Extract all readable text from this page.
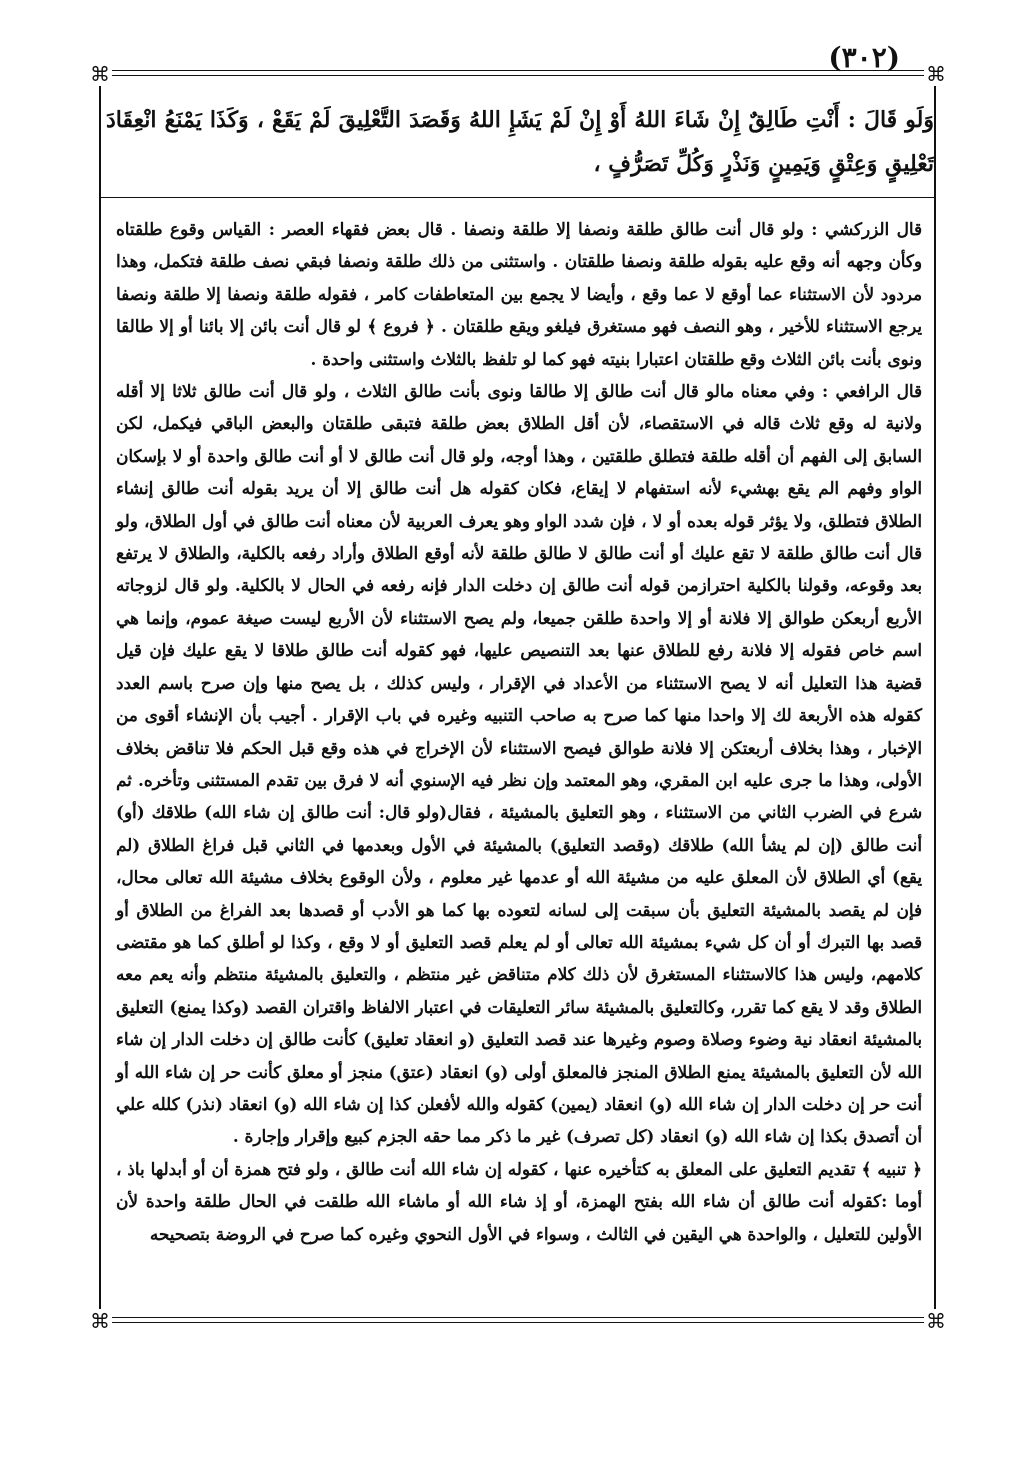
(٣٠٢)
⌘	⌘
⌘	⌘
وَلَو قَالَ : أَنْتِ طَالِقٌ إِنْ شَاءَ اللهُ أَوْ إِنْ لَمْ يَشَإِ اللهُ وَقَصَدَ التَّعْلِيقَ لَمْ يَقَعْ ، وَكَذَا يَمْنَعُ انْعِقَادَ تَعْلِيقٍ وَعِتْقٍ وَيَمِينٍ وَنَذْرٍ وَكُلِّ تَصَرُّفٍ ،

قال الزركشي : ولو قال أنت طالق طلقة ونصفا إلا طلقة ونصفا . قال بعض فقهاء العصر : القياس وقوع طلقتاه وكأن وجهه أنه وقع عليه بقوله طلقة ونصفا طلقتان . واستثنى من ذلك طلقة ونصفا فبقي نصف طلقة فتكمل، وهذا مردود لأن الاستثناء عما أوقع لا عما وقع ، وأيضا لا يجمع بين المتعاطفات كامر ، فقوله طلقة ونصفا إلا طلقة ونصفا يرجع الاستثناء للأخير ، وهو النصف فهو مستغرق فيلغو ويقع طلقتان . ﴿ فروع ﴾ لو قال أنت بائن إلا بائنا أو إلا طالقا ونوى بأنت بائن الثلاث وقع طلقتان اعتبارا بنيته فهو كما لو تلفظ بالثلاث واستثنى واحدة .

قال الرافعي : وفي معناه مالو قال أنت طالق إلا طالقا ونوى بأنت طالق الثلاث ، ولو قال أنت طالق ثلاثا إلا أقله ولانية له وقع ثلاث قاله في الاستقصاء، لأن أقل الطلاق بعض طلقة فتبقى طلقتان والبعض الباقي فيكمل، لكن السابق إلى الفهم أن أقله طلقة فتطلق طلقتين ، وهذا أوجه، ولو قال أنت طالق لا أو أنت طالق واحدة أو لا بإسكان الواو وفهم الم يقع بهشيء لأنه استفهام لا إيقاع، فكان كقوله هل أنت طالق إلا أن يريد بقوله أنت طالق إنشاء الطلاق فتطلق، ولا يؤثر قوله بعده أو لا ، فإن شدد الواو وهو يعرف العربية لأن معناه أنت طالق في أول الطلاق، ولو قال أنت طالق طلقة لا تقع عليك أو أنت طالق لا طالق طلقة لأنه أوقع الطلاق وأراد رفعه بالكلية، والطلاق لا يرتفع بعد وقوعه، وقولنا بالكلية احترازمن قوله أنت طالق إن دخلت الدار فإنه رفعه في الحال لا بالكلية. ولو قال لزوجاته الأربع أربعكن طوالق إلا فلانة أو إلا واحدة طلقن جميعا، ولم يصح الاستثناء لأن الأربع ليست صيغة عموم، وإنما هي اسم خاص فقوله إلا فلانة رفع للطلاق عنها بعد التنصيص عليها، فهو كقوله أنت طالق طلاقا لا يقع عليك فإن قيل قضية هذا التعليل أنه لا يصح الاستثناء من الأعداد في الإقرار ، وليس كذلك ، بل يصح منها وإن صرح باسم العدد كقوله هذه الأربعة لك إلا واحدا منها كما صرح به صاحب التنبيه وغيره في باب الإقرار . أجيب بأن الإنشاء أقوى من الإخبار ، وهذا بخلاف أربعتكن إلا فلانة طوالق فيصح الاستثناء لأن الإخراج في هذه وقع قبل الحكم فلا تناقض بخلاف الأولى، وهذا ما جرى عليه ابن المقري، وهو المعتمد وإن نظر فيه الإسنوي أنه لا فرق بين تقدم المستثنى وتأخره. ثم شرع في الضرب الثاني من الاستثناء ، وهو التعليق بالمشيئة ، فقال(ولو قال: أنت طالق إن شاء الله) طلاقك (أو) أنت طالق (إن لم يشأ الله) طلاقك (وقصد التعليق) بالمشيئة في الأول وبعدمها في الثاني قبل فراغ الطلاق (لم يقع) أي الطلاق لأن المعلق عليه من مشيئة الله أو عدمها غير معلوم ، ولأن الوقوع بخلاف مشيئة الله تعالى محال، فإن لم يقصد بالمشيئة التعليق بأن سبقت إلى لسانه لتعوده بها كما هو الأدب أو قصدها بعد الفراغ من الطلاق أو قصد بها التبرك أو أن كل شيء بمشيئة الله تعالى أو لم يعلم قصد التعليق أو لا وقع ، وكذا لو أطلق كما هو مقتضى كلامهم، وليس هذا كالاستثناء المستغرق لأن ذلك كلام متناقض غير منتظم ، والتعليق بالمشيئة منتظم وأنه يعم معه الطلاق وقد لا يقع كما تقرر، وكالتعليق بالمشيئة سائر التعليقات في اعتبار الالفاظ واقتران القصد (وكذا يمنع) التعليق بالمشيئة انعقاد نية وضوء وصلاة وصوم وغيرها عند قصد التعليق (و انعقاد تعليق) كأنت طالق إن دخلت الدار إن شاء الله لأن التعليق بالمشيئة يمنع الطلاق المنجز فالمعلق أولى (و) انعقاد (عتق) منجز أو معلق كأنت حر إن شاء الله أو أنت حر إن دخلت الدار إن شاء الله (و) انعقاد (يمين) كقوله والله لأفعلن كذا إن شاء الله (و) انعقاد (نذر) كلله علي أن أتصدق بكذا إن شاء الله (و) انعقاد (كل تصرف) غير ما ذكر مما حقه الجزم كبيع وإقرار وإجارة .

﴿ تنبيه ﴾ تقديم التعليق على المعلق به كتأخيره عنها ، كقوله إن شاء الله أنت طالق ، ولو فتح همزة أن أو أبدلها باذ ، أوما :كقوله أنت طالق أن شاء الله بفتح الهمزة، أو إذ شاء الله أو ماشاء الله طلقت في الحال طلقة واحدة لأن الأولين للتعليل ، والواحدة هي اليقين في الثالث ، وسواء في الأول النحوي وغيره كما صرح في الروضة بتصحيحه
